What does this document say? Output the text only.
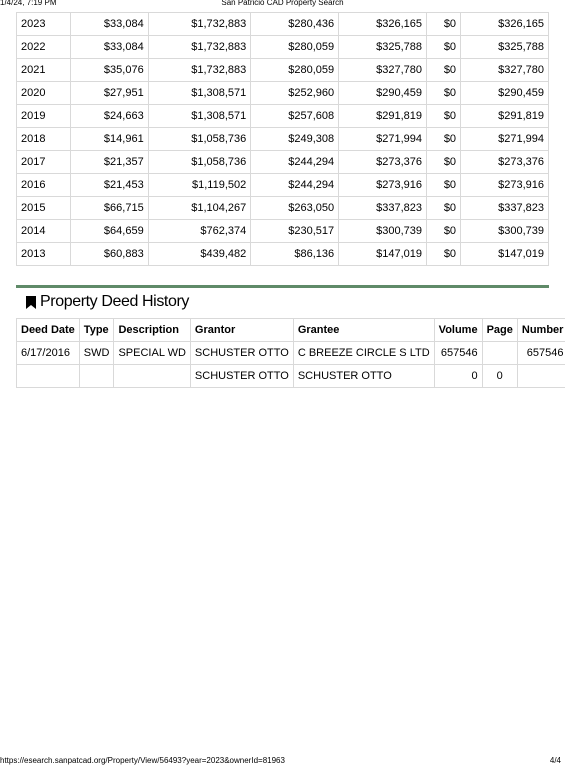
1/4/24, 7:19 PM	San Patricio CAD Property Search
2023	$33,084	$1,732,883	$280,436	$326,165	$0	$326,165
2022	$33,084	$1,732,883	$280,059	$325,788	$0	$325,788
2021	$35,076	$1,732,883	$280,059	$327,780	$0	$327,780
2020	$27,951	$1,308,571	$252,960	$290,459	$0	$290,459
2019	$24,663	$1,308,571	$257,608	$291,819	$0	$291,819
2018	$14,961	$1,058,736	$249,308	$271,994	$0	$271,994
2017	$21,357	$1,058,736	$244,294	$273,376	$0	$273,376
2016	$21,453	$1,119,502	$244,294	$273,916	$0	$273,916
2015	$66,715	$1,104,267	$263,050	$337,823	$0	$337,823
2014	$64,659	$762,374	$230,517	$300,739	$0	$300,739
2013	$60,883	$439,482	$86,136	$147,019	$0	$147,019
Property Deed History
Deed Date	Type	Description	Grantor	Grantee	Volume	Page	Number
6/17/2016	SWD	SPECIAL WD	SCHUSTER OTTO	C BREEZE CIRCLE S LTD	657546		657546
			SCHUSTER OTTO	SCHUSTER OTTO	0	0	
https://esearch.sanpatcad.org/Property/View/56493?year=2023&ownerId=81963	4/4
